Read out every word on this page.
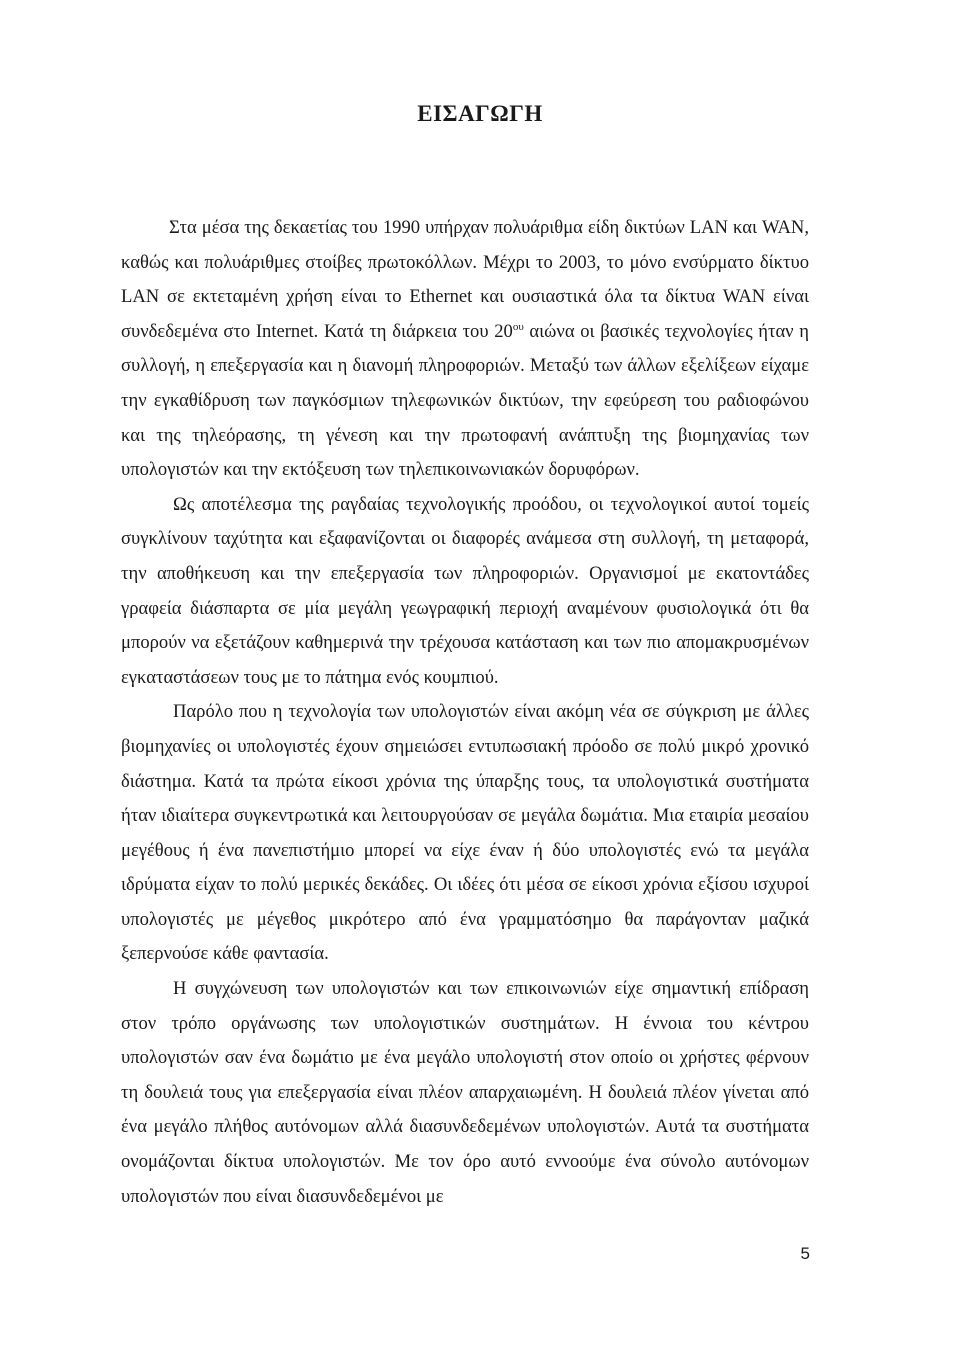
ΕΙΣΑΓΩΓΗ

Στα μέσα της δεκαετίας του 1990 υπήρχαν πολυάριθμα είδη δικτύων LAN και WAN, καθώς και πολυάριθμες στοίβες πρωτοκόλλων. Μέχρι το 2003, το μόνο ενσύρματο δίκτυο LAN σε εκτεταμένη χρήση είναι το Ethernet και ουσιαστικά όλα τα δίκτυα WAN είναι συνδεδεμένα στο Internet. Κατά τη διάρκεια του $20^{o\upsilon}$ αιώνα οι βασικές τεχνολογίες ήταν η συλλογή, η επεξεργασία και η διανομή πληροφοριών. Μεταξύ των άλλων εξελίξεων είχαμε την εγκαθίδρυση των παγκόσμιων τηλεφωνικών δικτύων, την εφεύρεση του ραδιοφώνου και της τηλεόρασης, τη γένεση και την πρωτοφανή ανάπτυξη της βιομηχανίας των υπολογιστών και την εκτόξευση των τηλεπικοινωνιακών δορυφόρων.

Ως αποτέλεσμα της ραγδαίας τεχνολογικής προόδου, οι τεχνολογικοί αυτοί τομείς συγκλίνουν ταχύτητα και εξαφανίζονται οι διαφορές ανάμεσα στη συλλογή, τη μεταφορά, την αποθήκευση και την επεξεργασία των πληροφοριών. Οργανισμοί με εκατοντάδες γραφεία διάσπαρτα σε μία μεγάλη γεωγραφική περιοχή αναμένουν φυσιολογικά ότι θα μπορούν να εξετάζουν καθημερινά την τρέχουσα κατάσταση και των πιο απομακρυσμένων εγκαταστάσεων τους με το πάτημα ενός κουμπιού.

Παρόλο που η τεχνολογία των υπολογιστών είναι ακόμη νέα σε σύγκριση με άλλες βιομηχανίες οι υπολογιστές έχουν σημειώσει εντυπωσιακή πρόοδο σε πολύ μικρό χρονικό διάστημα. Κατά τα πρώτα είκοσι χρόνια της ύπαρξης τους, τα υπολογιστικά συστήματα ήταν ιδιαίτερα συγκεντρωτικά και λειτουργούσαν σε μεγάλα δωμάτια. Μια εταιρία μεσαίου μεγέθους ή ένα πανεπιστήμιο μπορεί να είχε έναν ή δύο υπολογιστές ενώ τα μεγάλα ιδρύματα είχαν το πολύ μερικές δεκάδες. Οι ιδέες ότι μέσα σε είκοσι χρόνια εξίσου ισχυροί υπολογιστές με μέγεθος μικρότερο από ένα γραμματόσημο θα παράγονταν μαζικά ξεπερνούσε κάθε φαντασία.

Η συγχώνευση των υπολογιστών και των επικοινωνιών είχε σημαντική επίδραση στον τρόπο οργάνωσης των υπολογιστικών συστημάτων. Η έννοια του κέντρου υπολογιστών σαν ένα δωμάτιο με ένα μεγάλο υπολογιστή στον οποίο οι χρήστες φέρνουν τη δουλειά τους για επεξεργασία είναι πλέον απαρχαιωμένη. Η δουλειά πλέον γίνεται από ένα μεγάλο πλήθος αυτόνομων αλλά διασυνδεδεμένων υπολογιστών. Αυτά τα συστήματα ονομάζονται δίκτυα υπολογιστών. Με τον όρο αυτό εννοούμε ένα σύνολο αυτόνομων υπολογιστών που είναι διασυνδεδεμένοι με

5
